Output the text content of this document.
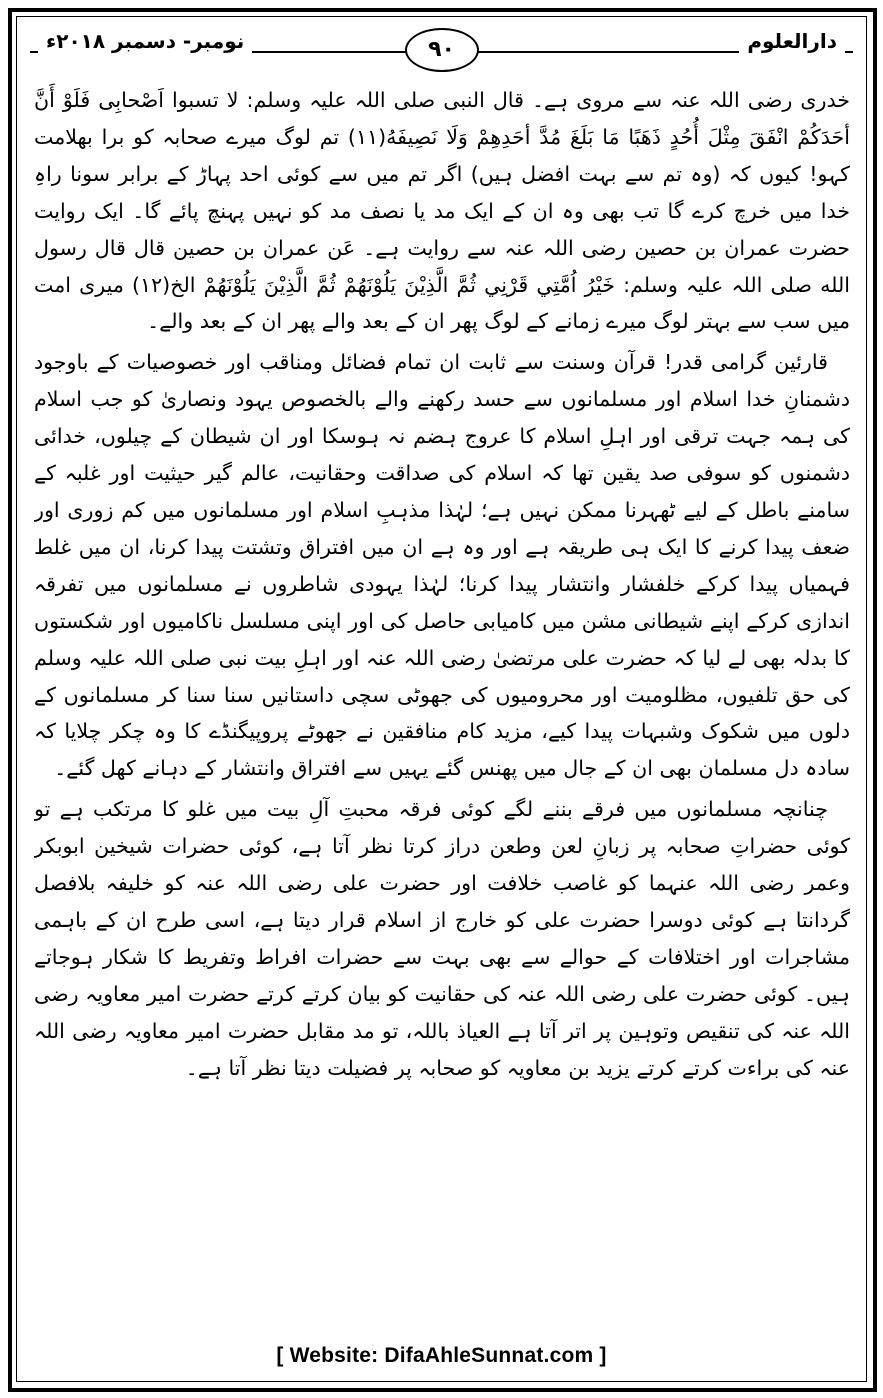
دارالعلوم
۹۰
نومبر- دسمبر ۲۰۱۸ء

خدری رضی اللہ عنہ سے مروی ہے۔ قال النبی صلی اللہ علیہ وسلم: لا تسبوا اَصْحابِی فَلَوْ أَنَّ أحَدَکُمْ انْفَقَ مِثْلَ أُحُدٍ ذَهَبًا مَا بَلَغَ مُدَّ أحَدِهِمْ وَلَا نَصِيفَهُ(۱۱) تم لوگ میرے صحابہ کو برا بھلامت کہو! کیوں کہ (وہ تم سے بہت افضل ہیں) اگر تم میں سے کوئی احد پہاڑ کے برابر سونا راہِ خدا میں خرچ کرے گا تب بھی وہ ان کے ایک مد یا نصف مد کو نہیں پہنچ پائے گا۔ ایک روایت حضرت عمران بن حصین رضی اللہ عنہ سے روایت ہے۔ عَن عمران بن حصين قال قال رسول الله صلی اللہ علیہ وسلم: خَيْرُ اُمَّتِي قَرْنِي ثُمَّ الَّذِيْنَ يَلُوْنَهُمْ ثُمَّ الَّذِيْنَ يَلُوْنَهُمْ الخ(۱۲) میری امت میں سب سے بہتر لوگ میرے زمانے کے لوگ پھر ان کے بعد والے پھر ان کے بعد والے۔

قارئین گرامی قدر! قرآن وسنت سے ثابت ان تمام فضائل ومناقب اور خصوصیات کے باوجود دشمنانِ خدا اسلام اور مسلمانوں سے حسد رکھنے والے بالخصوص یہود ونصاریٰ کو جب اسلام کی ہمہ جہت ترقی اور اہلِ اسلام کا عروج ہضم نہ ہوسکا اور ان شیطان کے چیلوں، خدائی دشمنوں کو سوفی صد یقین تھا کہ اسلام کی صداقت وحقانیت، عالم گیر حیثیت اور غلبہ کے سامنے باطل کے لیے ٹھہرنا ممکن نہیں ہے؛ لہٰذا مذہبِ اسلام اور مسلمانوں میں کم زوری اور ضعف پیدا کرنے کا ایک ہی طریقہ ہے اور وہ ہے ان میں افتراق وتشتت پیدا کرنا، ان میں غلط فہمیاں پیدا کرکے خلفشار وانتشار پیدا کرنا؛ لہٰذا یہودی شاطروں نے مسلمانوں میں تفرقہ اندازی کرکے اپنے شیطانی مشن میں کامیابی حاصل کی اور اپنی مسلسل ناکامیوں اور شکستوں کا بدلہ بھی لے لیا کہ حضرت علی مرتضیٰ رضی اللہ عنہ اور اہلِ بیت نبی صلی اللہ علیہ وسلم کی حق تلفیوں، مظلومیت اور محرومیوں کی جھوٹی سچی داستانیں سنا سنا کر مسلمانوں کے دلوں میں شکوک وشبہات پیدا کیے، مزید کام منافقین نے جھوٹے پروپیگنڈے کا وہ چکر چلایا کہ سادہ دل مسلمان بھی ان کے جال میں پھنس گئے یہیں سے افتراق وانتشار کے دہانے کھل گئے۔

چنانچہ مسلمانوں میں فرقے بننے لگے کوئی فرقہ محبتِ آلِ بیت میں غلو کا مرتکب ہے تو کوئی حضراتِ صحابہ پر زبانِ لعن وطعن دراز کرتا نظر آتا ہے، کوئی حضرات شیخین ابوبکر وعمر رضی اللہ عنہما کو غاصب خلافت اور حضرت علی رضی اللہ عنہ کو خلیفہ بلافصل گردانتا ہے کوئی دوسرا حضرت علی کو خارج از اسلام قرار دیتا ہے، اسی طرح ان کے باہمی مشاجرات اور اختلافات کے حوالے سے بھی بہت سے حضرات افراط وتفریط کا شکار ہوجاتے ہیں۔ کوئی حضرت علی رضی اللہ عنہ کی حقانیت کو بیان کرتے کرتے حضرت امیر معاویہ رضی اللہ عنہ کی تنقیص وتوہین پر اتر آتا ہے العیاذ باللہ، تو مد مقابل حضرت امیر معاویہ رضی اللہ عنہ کی براءت کرتے کرتے یزید بن معاویہ کو صحابہ پر فضیلت دیتا نظر آتا ہے۔

[ Website: DifaAhleSunnat.com ]
